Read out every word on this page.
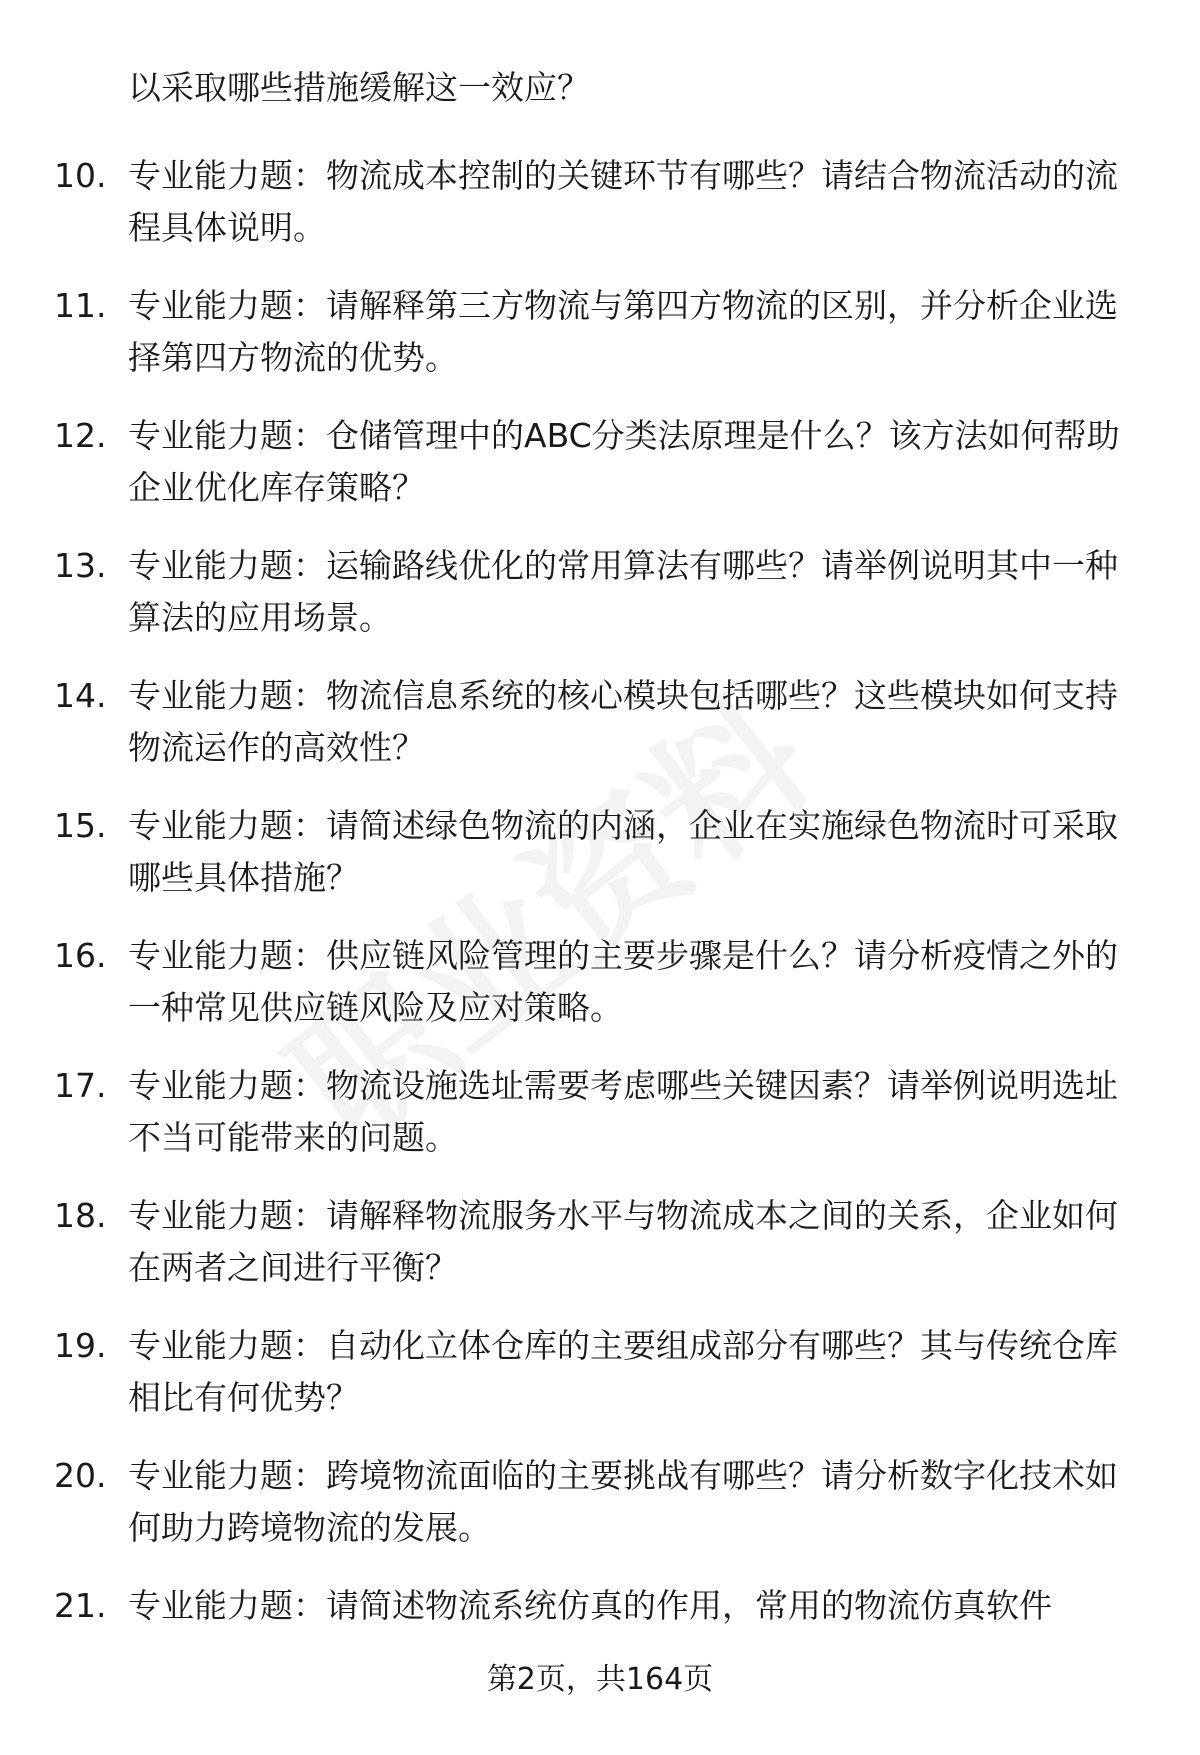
以采取哪些措施缓解这一效应？

10. 专业能力题：物流成本控制的关键环节有哪些？请结合物流活动的流程具体说明。
11. 专业能力题：请解释第三方物流与第四方物流的区别，并分析企业选择第四方物流的优势。
12. 专业能力题：仓储管理中的ABC分类法原理是什么？该方法如何帮助企业优化库存策略？
13. 专业能力题：运输路线优化的常用算法有哪些？请举例说明其中一种算法的应用场景。
14. 专业能力题：物流信息系统的核心模块包括哪些？这些模块如何支持物流运作的高效性？
15. 专业能力题：请简述绿色物流的内涵，企业在实施绿色物流时可采取哪些具体措施？
16. 专业能力题：供应链风险管理的主要步骤是什么？请分析疫情之外的一种常见供应链风险及应对策略。
17. 专业能力题：物流设施选址需要考虑哪些关键因素？请举例说明选址不当可能带来的问题。
18. 专业能力题：请解释物流服务水平与物流成本之间的关系，企业如何在两者之间进行平衡？
19. 专业能力题：自动化立体仓库的主要组成部分有哪些？其与传统仓库相比有何优势？
20. 专业能力题：跨境物流面临的主要挑战有哪些？请分析数字化技术如何助力跨境物流的发展。
21. 专业能力题：请简述物流系统仿真的作用，常用的物流仿真软件
第2页，共164页
